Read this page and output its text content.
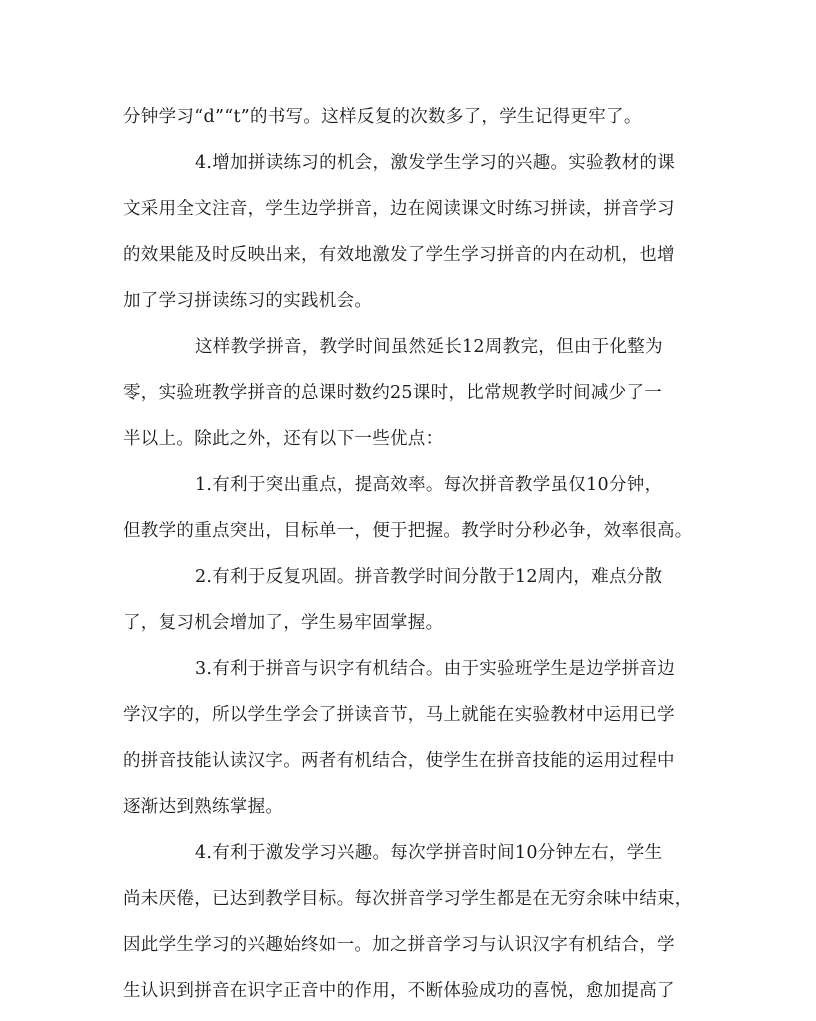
分钟学习“d”“t”的书写。这样反复的次数多了，学生记得更牢了。
4.增加拼读练习的机会，激发学生学习的兴趣。实验教材的课
文采用全文注音，学生边学拼音，边在阅读课文时练习拼读，拼音学习
的效果能及时反映出来，有效地激发了学生学习拼音的内在动机，也增
加了学习拼读练习的实践机会。
这样教学拼音，教学时间虽然延长12周教完，但由于化整为
零，实验班教学拼音的总课时数约25课时，比常规教学时间减少了一
半以上。除此之外，还有以下一些优点：
1.有利于突出重点，提高效率。每次拼音教学虽仅10分钟，
但教学的重点突出，目标单一，便于把握。教学时分秒必争，效率很高。
2.有利于反复巩固。拼音教学时间分散于12周内，难点分散
了，复习机会增加了，学生易牢固掌握。
3.有利于拼音与识字有机结合。由于实验班学生是边学拼音边
学汉字的，所以学生学会了拼读音节，马上就能在实验教材中运用已学
的拼音技能认读汉字。两者有机结合，使学生在拼音技能的运用过程中
逐渐达到熟练掌握。
4.有利于激发学习兴趣。每次学拼音时间10分钟左右，学生
尚未厌倦，已达到教学目标。每次拼音学习学生都是在无穷余味中结束，
因此学生学习的兴趣始终如一。加之拼音学习与认识汉字有机结合，学
生认识到拼音在识字正音中的作用，不断体验成功的喜悦，愈加提高了
